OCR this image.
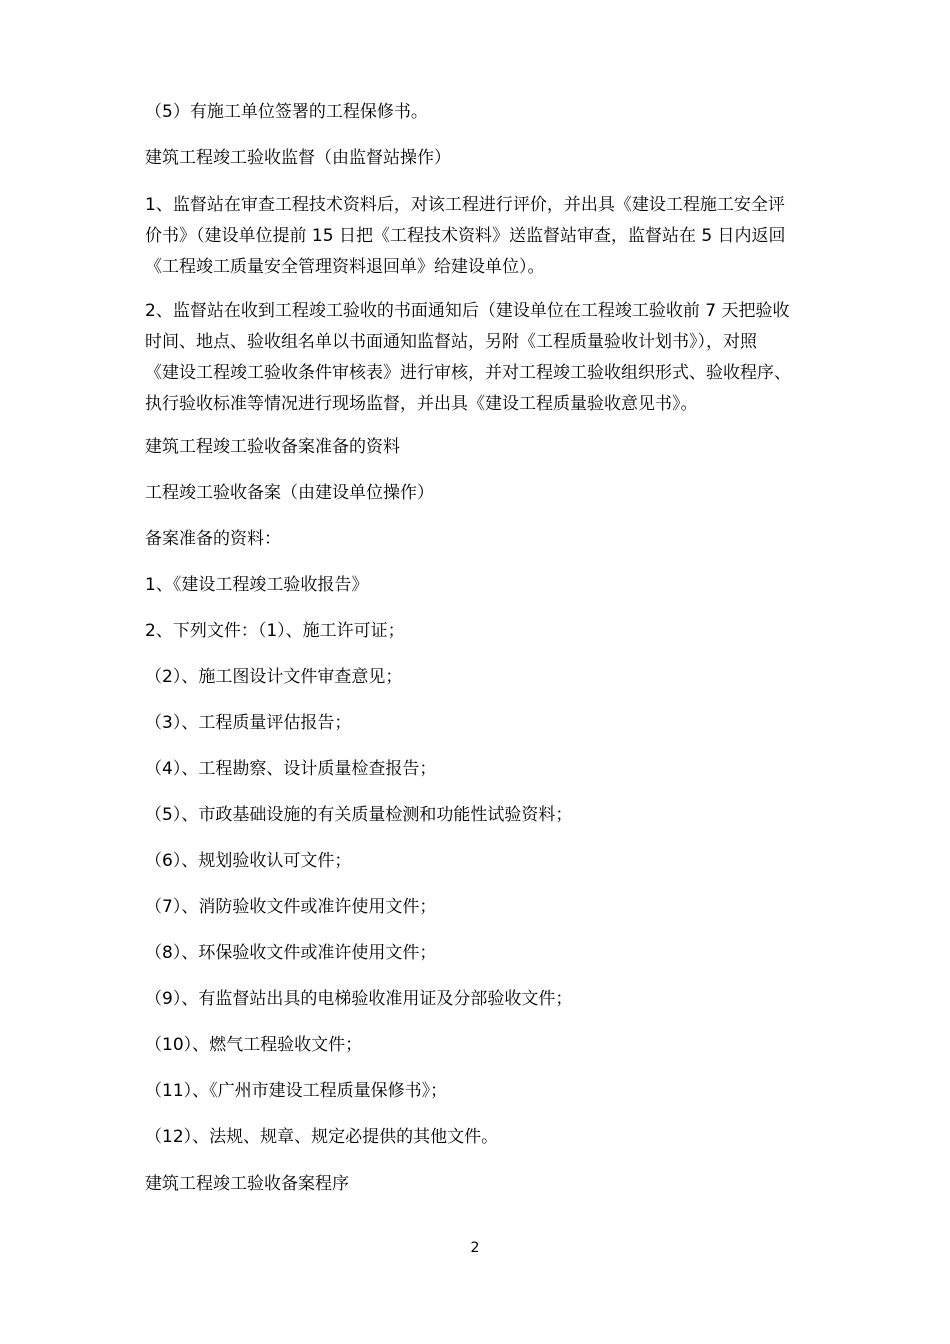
（5）有施工单位签署的工程保修书。

建筑工程竣工验收监督（由监督站操作）

1、监督站在审查工程技术资料后，对该工程进行评价，并出具《建设工程施工安全评
价书》（建设单位提前 15 日把《工程技术资料》送监督站审查，监督站在 5 日内返回
《工程竣工质量安全管理资料退回单》给建设单位）。

2、监督站在收到工程竣工验收的书面通知后（建设单位在工程竣工验收前 7 天把验收
时间、地点、验收组名单以书面通知监督站，另附《工程质量验收计划书》），对照
《建设工程竣工验收条件审核表》进行审核，并对工程竣工验收组织形式、验收程序、
执行验收标准等情况进行现场监督，并出具《建设工程质量验收意见书》。

建筑工程竣工验收备案准备的资料

工程竣工验收备案（由建设单位操作）

备案准备的资料：

1、《建设工程竣工验收报告》

2、下列文件：（1）、施工许可证；

（2）、施工图设计文件审查意见；

（3）、工程质量评估报告；

（4）、工程勘察、设计质量检查报告；

（5）、市政基础设施的有关质量检测和功能性试验资料；

（6）、规划验收认可文件；

（7）、消防验收文件或准许使用文件；

（8）、环保验收文件或准许使用文件；

（9）、有监督站出具的电梯验收准用证及分部验收文件；

（10）、燃气工程验收文件；

（11）、《广州市建设工程质量保修书》；

（12）、法规、规章、规定必提供的其他文件。

建筑工程竣工验收备案程序

2
